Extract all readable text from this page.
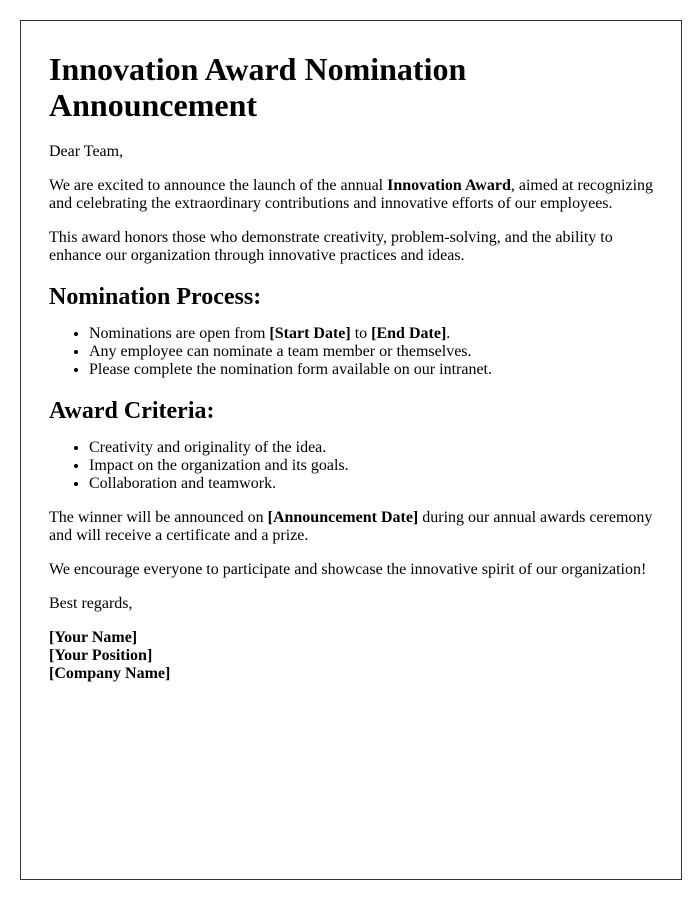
Innovation Award Nomination Announcement

Dear Team,

We are excited to announce the launch of the annual Innovation Award, aimed at recognizing and celebrating the extraordinary contributions and innovative efforts of our employees.

This award honors those who demonstrate creativity, problem-solving, and the ability to enhance our organization through innovative practices and ideas.

Nomination Process:
• Nominations are open from [Start Date] to [End Date].
• Any employee can nominate a team member or themselves.
• Please complete the nomination form available on our intranet.
Award Criteria:
• Creativity and originality of the idea.
• Impact on the organization and its goals.
• Collaboration and teamwork.

The winner will be announced on [Announcement Date] during our annual awards ceremony and will receive a certificate and a prize.

We encourage everyone to participate and showcase the innovative spirit of our organization!

Best regards,

[Your Name]
[Your Position]
[Company Name]
